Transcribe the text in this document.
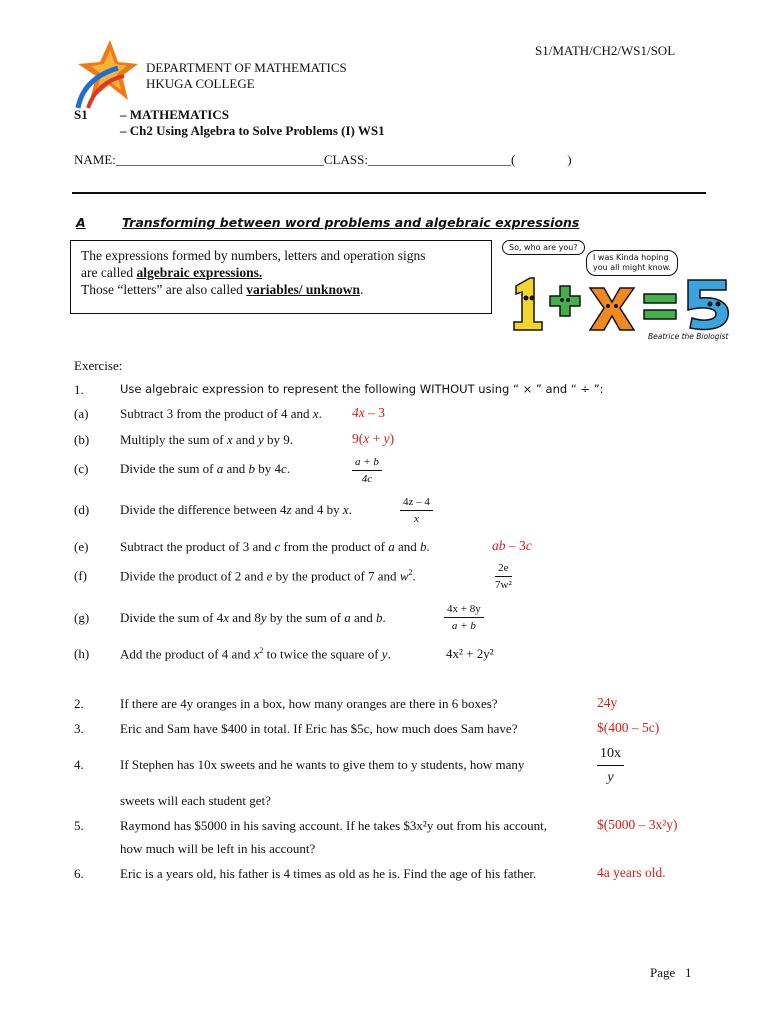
S1/MATH/CH2/WS1/SOL
DEPARTMENT OF MATHEMATICS
HKUGA COLLEGE
S1 – MATHEMATICS
– Ch2 Using Algebra to Solve Problems (I) WS1
NAME:________________________________CLASS:______________________(                )
A	Transforming between word problems and algebraic expressions
The expressions formed by numbers, letters and operation signs
are called algebraic expressions.
Those “letters” are also called variables/ unknown.
So, who are you?
I was Kinda hoping
you all might know.
Beatrice the Biologist
Exercise:
1.	Use algebraic expression to represent the following WITHOUT using “ × ” and “ ÷ ”:
(a) Subtract 3 from the product of 4 and x. 4x – 3
(b) Multiply the sum of x and y by 9.	9(x + y)
(c) Divide the sum of a and b by 4c.	$\frac{a + b}{4c}$
(d) Divide the difference between 4z and 4 by x.	$\frac{4z - 4}{x}$
(e) Subtract the product of 3 and c from the product of a and b.	ab – 3c
(f)	Divide the product of 2 and e by the product of 7 and $w^2$.	$\frac{2e}{\text{7w²}}$
(g) Divide the sum of 4x and 8y by the sum of a and b.	$\frac{4x + 8y}{a + b}$
(h) Add the product of 4 and $x^2$ to twice the square of y.	4x² + 2y²
2.	If there are 4y oranges in a box, how many oranges are there in 6 boxes?	24y
3.	Eric and Sam have $400 in total. If Eric has $5c, how much does Sam have?	$(400 – 5c)
4.	If Stephen has 10x sweets and he wants to give them to y students, how many	$\frac{10x}{y}$
sweets will each student get?
5.	Raymond has $5000 in his saving account. If he takes $3x²y out from his account,	$(5000 – 3x²y)
how much will be left in his account?
6.	Eric is a years old, his father is 4 times as old as he is. Find the age of his father.	4a years old.
Page 1
